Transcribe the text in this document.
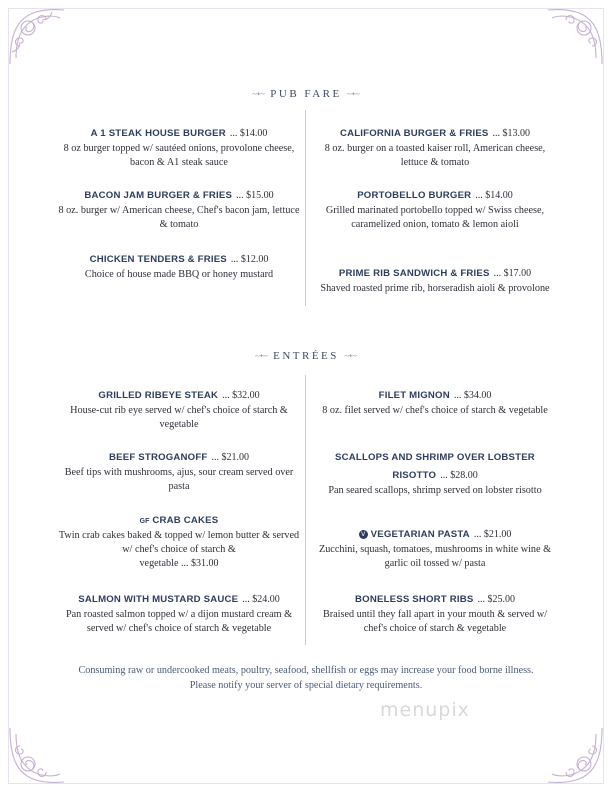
~•~ PUB FARE ~•~
A 1 STEAK HOUSE BURGER ... $14.00
8 oz burger topped w/ sautéed onions, provolone cheese, bacon & A1 steak sauce
BACON JAM BURGER & FRIES ... $15.00
8 oz. burger w/ American cheese, Chef's bacon jam, lettuce & tomato
CHICKEN TENDERS & FRIES ... $12.00
Choice of house made BBQ or honey mustard
CALIFORNIA BURGER & FRIES ... $13.00
8 oz. burger on a toasted kaiser roll, American cheese, lettuce & tomato
PORTOBELLO BURGER ... $14.00
Grilled marinated portobello topped w/ Swiss cheese, caramelized onion, tomato & lemon aioli
PRIME RIB SANDWICH & FRIES ... $17.00
Shaved roasted prime rib, horseradish aioli & provolone
~•~ ENTRÉES ~•~
GRILLED RIBEYE STEAK ... $32.00
House-cut rib eye served w/ chef's choice of starch & vegetable
BEEF STROGANOFF ... $21.00
Beef tips with mushrooms, ajus, sour cream served over pasta
GF CRAB CAKES
Twin crab cakes baked & topped w/ lemon butter & served w/ chef's choice of starch &
vegetable ... $31.00
SALMON WITH MUSTARD SAUCE ... $24.00
Pan roasted salmon topped w/ a dijon mustard cream & served w/ chef's choice of starch & vegetable
FILET MIGNON ... $34.00
8 oz. filet served w/ chef's choice of starch & vegetable
SCALLOPS AND SHRIMP OVER LOBSTER
RISOTTO ... $28.00
Pan seared scallops, shrimp served on lobster risotto
V VEGETARIAN PASTA ... $21.00
Zucchini, squash, tomatoes, mushrooms in white wine & garlic oil tossed w/ pasta
BONELESS SHORT RIBS ... $25.00
Braised until they fall apart in your mouth & served w/ chef's choice of starch & vegetable
Consuming raw or undercooked meats, poultry, seafood, shellfish or eggs may increase your food borne illness. Please notify your server of special dietary requirements.
menupix
